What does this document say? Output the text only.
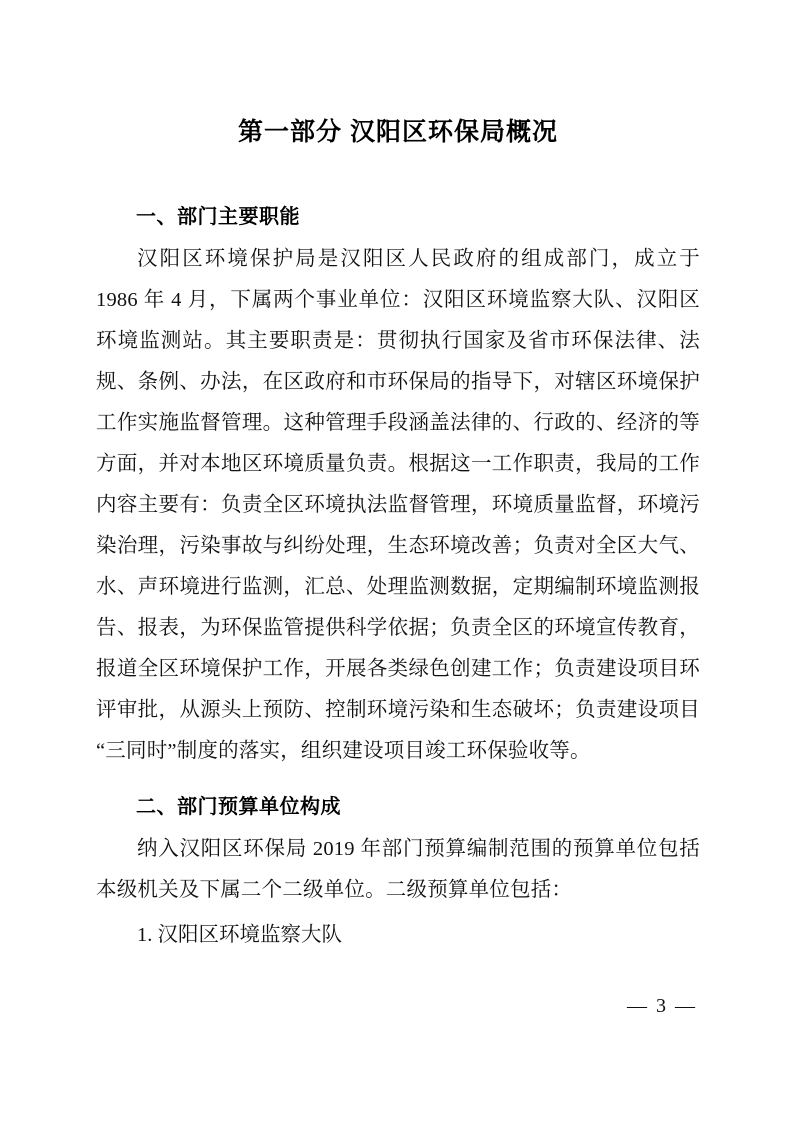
第一部分 汉阳区环保局概况
一、部门主要职能

汉阳区环境保护局是汉阳区人民政府的组成部门，成立于 1986 年 4 月，下属两个事业单位：汉阳区环境监察大队、汉阳区环境监测站。其主要职责是：贯彻执行国家及省市环保法律、法规、条例、办法，在区政府和市环保局的指导下，对辖区环境保护工作实施监督管理。这种管理手段涵盖法律的、行政的、经济的等方面，并对本地区环境质量负责。根据这一工作职责，我局的工作内容主要有：负责全区环境执法监督管理，环境质量监督，环境污染治理，污染事故与纠纷处理，生态环境改善；负责对全区大气、水、声环境进行监测，汇总、处理监测数据，定期编制环境监测报告、报表，为环保监管提供科学依据；负责全区的环境宣传教育，报道全区环境保护工作，开展各类绿色创建工作；负责建设项目环评审批，从源头上预防、控制环境污染和生态破坏；负责建设项目 “三同时”制度的落实，组织建设项目竣工环保验收等。

二、部门预算单位构成

纳入汉阳区环保局 2019 年部门预算编制范围的预算单位包括本级机关及下属二个二级单位。二级预算单位包括：

1. 汉阳区环境监察大队

— 3 —
